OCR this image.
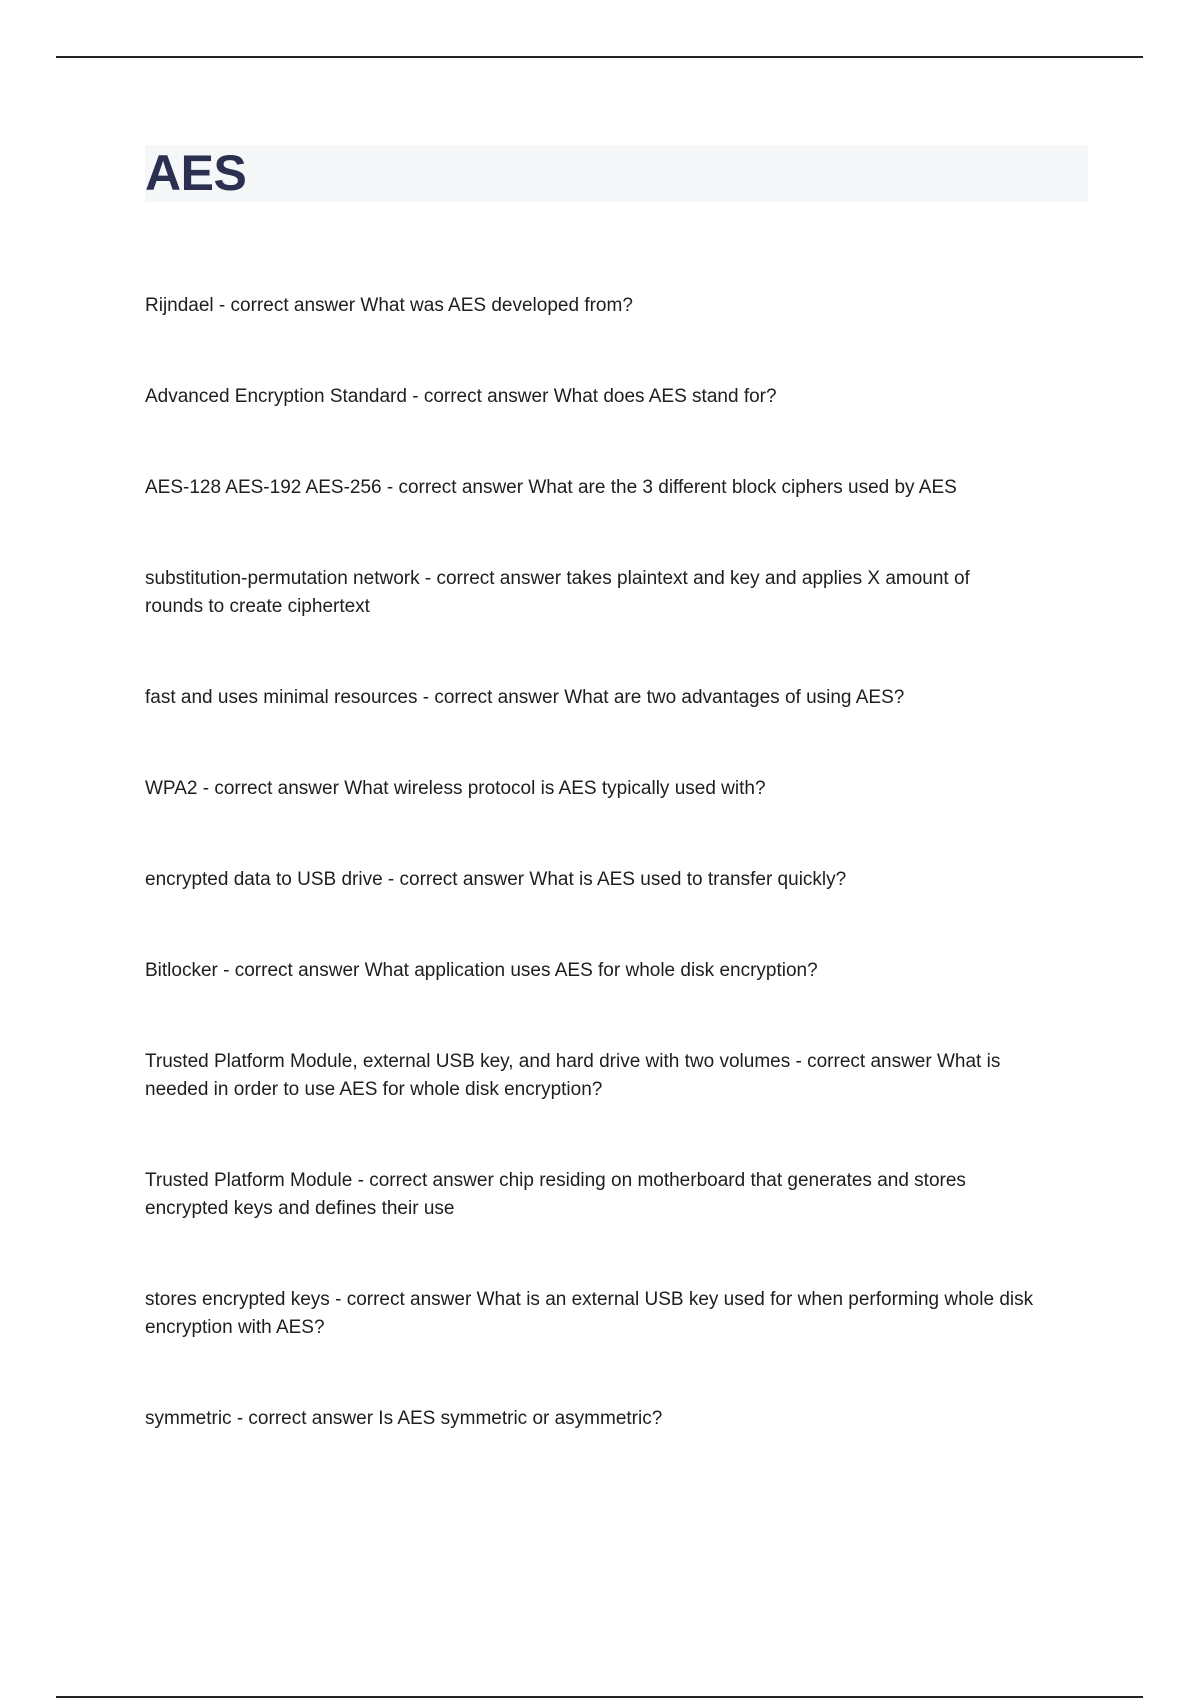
AES
Rijndael - correct answer What was AES developed from?
Advanced Encryption Standard - correct answer What does AES stand for?
AES-128 AES-192 AES-256 - correct answer What are the 3 different block ciphers used by AES
substitution-permutation network - correct answer takes plaintext and key and applies X amount of
rounds to create ciphertext
fast and uses minimal resources - correct answer What are two advantages of using AES?
WPA2 - correct answer What wireless protocol is AES typically used with?
encrypted data to USB drive - correct answer What is AES used to transfer quickly?
Bitlocker - correct answer What application uses AES for whole disk encryption?
Trusted Platform Module, external USB key, and hard drive with two volumes - correct answer What is
needed in order to use AES for whole disk encryption?
Trusted Platform Module - correct answer chip residing on motherboard that generates and stores
encrypted keys and defines their use
stores encrypted keys - correct answer What is an external USB key used for when performing whole disk
encryption with AES?
symmetric - correct answer Is AES symmetric or asymmetric?
